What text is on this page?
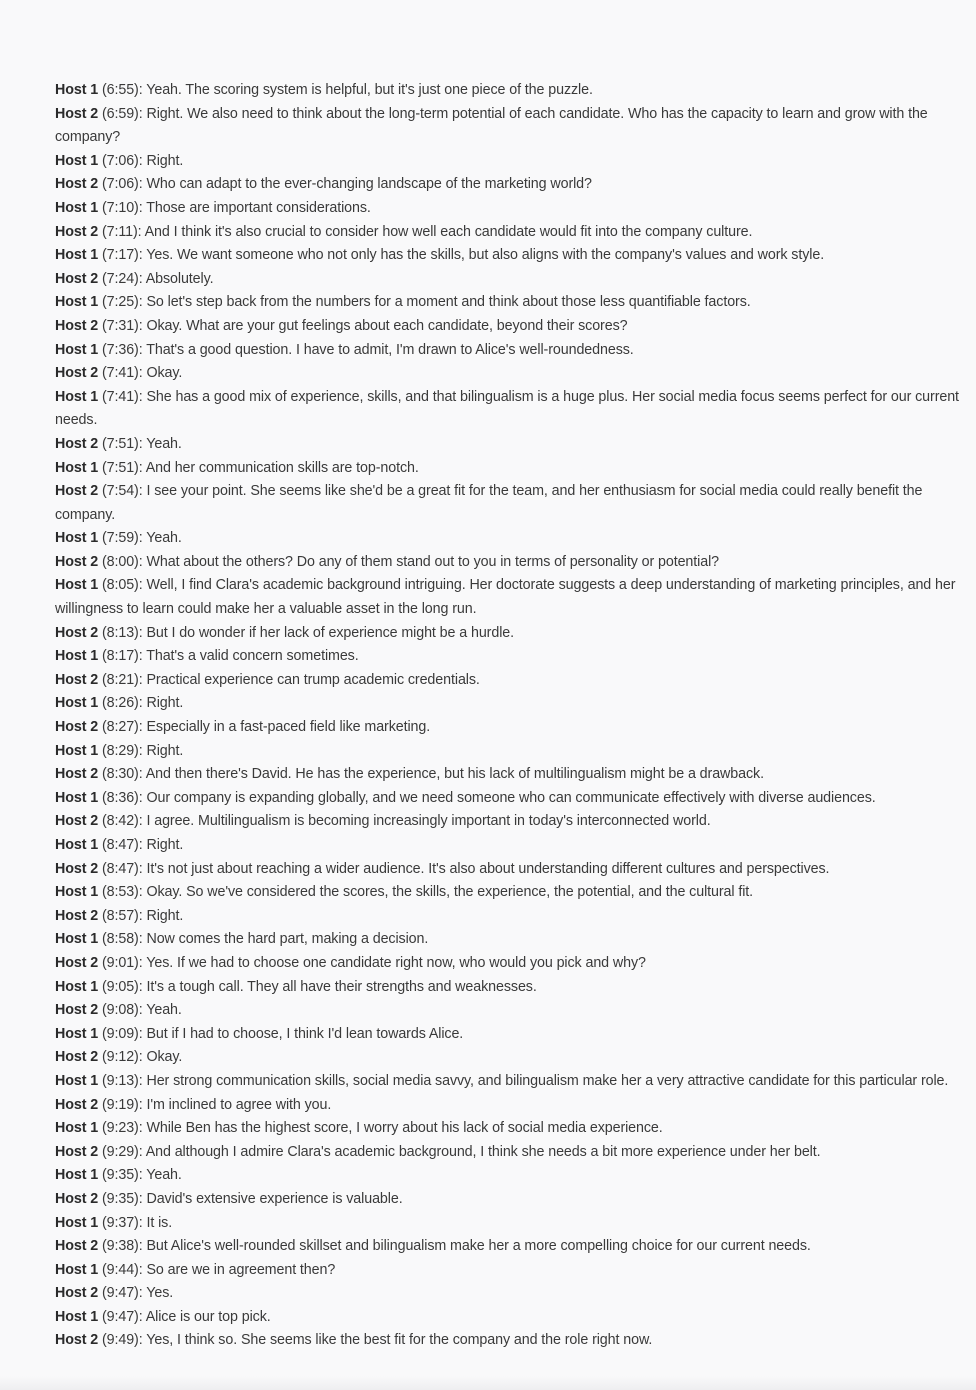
Host 1 (6:55): Yeah. The scoring system is helpful, but it's just one piece of the puzzle.
Host 2 (6:59): Right. We also need to think about the long-term potential of each candidate. Who has the capacity to learn and grow with the company?
Host 1 (7:06): Right.
Host 2 (7:06): Who can adapt to the ever-changing landscape of the marketing world?
Host 1 (7:10): Those are important considerations.
Host 2 (7:11): And I think it's also crucial to consider how well each candidate would fit into the company culture.
Host 1 (7:17): Yes. We want someone who not only has the skills, but also aligns with the company's values and work style.
Host 2 (7:24): Absolutely.
Host 1 (7:25): So let's step back from the numbers for a moment and think about those less quantifiable factors.
Host 2 (7:31): Okay. What are your gut feelings about each candidate, beyond their scores?
Host 1 (7:36): That's a good question. I have to admit, I'm drawn to Alice's well-roundedness.
Host 2 (7:41): Okay.
Host 1 (7:41): She has a good mix of experience, skills, and that bilingualism is a huge plus. Her social media focus seems perfect for our current needs.
Host 2 (7:51): Yeah.
Host 1 (7:51): And her communication skills are top-notch.
Host 2 (7:54): I see your point. She seems like she'd be a great fit for the team, and her enthusiasm for social media could really benefit the company.
Host 1 (7:59): Yeah.
Host 2 (8:00): What about the others? Do any of them stand out to you in terms of personality or potential?
Host 1 (8:05): Well, I find Clara's academic background intriguing. Her doctorate suggests a deep understanding of marketing principles, and her willingness to learn could make her a valuable asset in the long run.
Host 2 (8:13): But I do wonder if her lack of experience might be a hurdle.
Host 1 (8:17): That's a valid concern sometimes.
Host 2 (8:21): Practical experience can trump academic credentials.
Host 1 (8:26): Right.
Host 2 (8:27): Especially in a fast-paced field like marketing.
Host 1 (8:29): Right.
Host 2 (8:30): And then there's David. He has the experience, but his lack of multilingualism might be a drawback.
Host 1 (8:36): Our company is expanding globally, and we need someone who can communicate effectively with diverse audiences.
Host 2 (8:42): I agree. Multilingualism is becoming increasingly important in today's interconnected world.
Host 1 (8:47): Right.
Host 2 (8:47): It's not just about reaching a wider audience. It's also about understanding different cultures and perspectives.
Host 1 (8:53): Okay. So we've considered the scores, the skills, the experience, the potential, and the cultural fit.
Host 2 (8:57): Right.
Host 1 (8:58): Now comes the hard part, making a decision.
Host 2 (9:01): Yes. If we had to choose one candidate right now, who would you pick and why?
Host 1 (9:05): It's a tough call. They all have their strengths and weaknesses.
Host 2 (9:08): Yeah.
Host 1 (9:09): But if I had to choose, I think I'd lean towards Alice.
Host 2 (9:12): Okay.
Host 1 (9:13): Her strong communication skills, social media savvy, and bilingualism make her a very attractive candidate for this particular role.
Host 2 (9:19): I'm inclined to agree with you.
Host 1 (9:23): While Ben has the highest score, I worry about his lack of social media experience.
Host 2 (9:29): And although I admire Clara's academic background, I think she needs a bit more experience under her belt.
Host 1 (9:35): Yeah.
Host 2 (9:35): David's extensive experience is valuable.
Host 1 (9:37): It is.
Host 2 (9:38): But Alice's well-rounded skillset and bilingualism make her a more compelling choice for our current needs.
Host 1 (9:44): So are we in agreement then?
Host 2 (9:47): Yes.
Host 1 (9:47): Alice is our top pick.
Host 2 (9:49): Yes, I think so. She seems like the best fit for the company and the role right now.
